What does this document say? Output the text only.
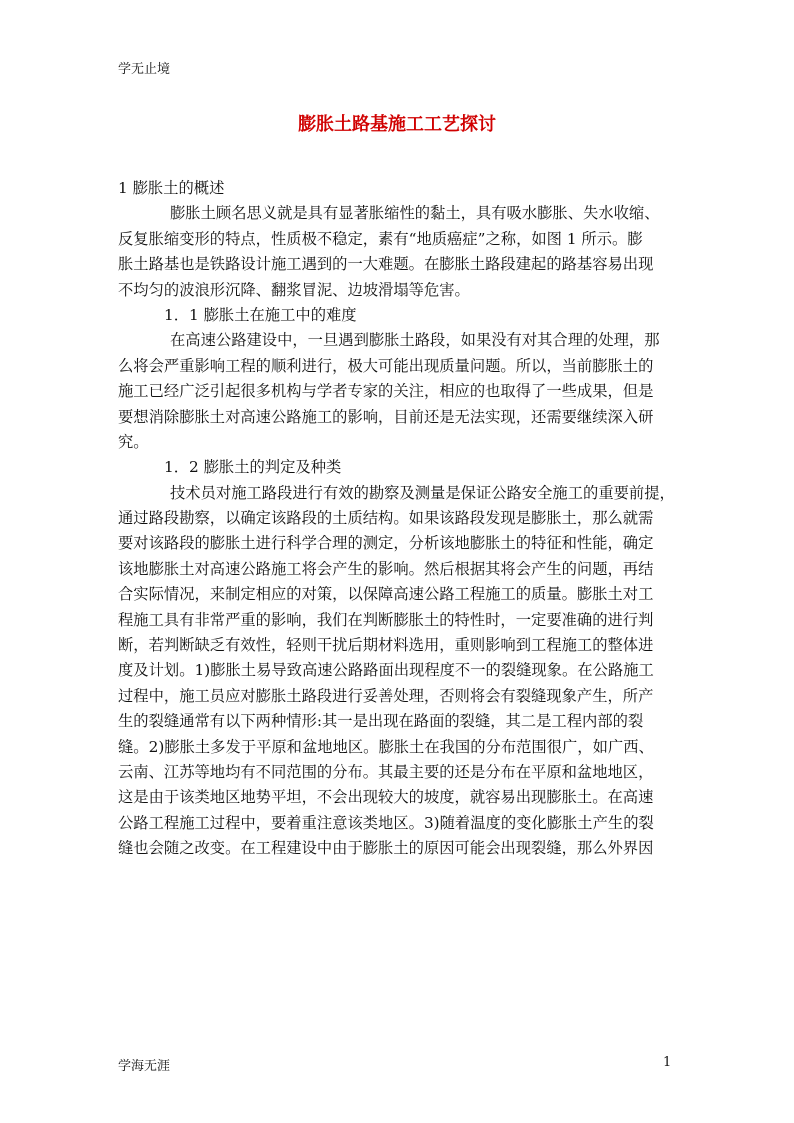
学无止境
膨胀土路基施工工艺探讨
1 膨胀土的概述
膨胀土顾名思义就是具有显著胀缩性的黏土，具有吸水膨胀、失水收缩、
反复胀缩变形的特点，性质极不稳定，素有“地质癌症”之称，如图 1 所示。膨
胀土路基也是铁路设计施工遇到的一大难题。在膨胀土路段建起的路基容易出现
不均匀的波浪形沉降、翻浆冒泥、边坡滑塌等危害。
1．1 膨胀土在施工中的难度
在高速公路建设中，一旦遇到膨胀土路段，如果没有对其合理的处理，那
么将会严重影响工程的顺利进行，极大可能出现质量问题。所以，当前膨胀土的
施工已经广泛引起很多机构与学者专家的关注，相应的也取得了一些成果，但是
要想消除膨胀土对高速公路施工的影响，目前还是无法实现，还需要继续深入研
究。
1．2 膨胀土的判定及种类
技术员对施工路段进行有效的勘察及测量是保证公路安全施工的重要前提，
通过路段勘察，以确定该路段的土质结构。如果该路段发现是膨胀土，那么就需
要对该路段的膨胀土进行科学合理的测定，分析该地膨胀土的特征和性能，确定
该地膨胀土对高速公路施工将会产生的影响。然后根据其将会产生的问题，再结
合实际情况，来制定相应的对策，以保障高速公路工程施工的质量。膨胀土对工
程施工具有非常严重的影响，我们在判断膨胀土的特性时，一定要准确的进行判
断，若判断缺乏有效性，轻则干扰后期材料选用，重则影响到工程施工的整体进
度及计划。1)膨胀土易导致高速公路路面出现程度不一的裂缝现象。在公路施工
过程中，施工员应对膨胀土路段进行妥善处理，否则将会有裂缝现象产生，所产
生的裂缝通常有以下两种情形:其一是出现在路面的裂缝，其二是工程内部的裂
缝。2)膨胀土多发于平原和盆地地区。膨胀土在我国的分布范围很广，如广西、
云南、江苏等地均有不同范围的分布。其最主要的还是分布在平原和盆地地区，
这是由于该类地区地势平坦，不会出现较大的坡度，就容易出现膨胀土。在高速
公路工程施工过程中，要着重注意该类地区。3)随着温度的变化膨胀土产生的裂
缝也会随之改变。在工程建设中由于膨胀土的原因可能会出现裂缝，那么外界因
学海无涯	1
